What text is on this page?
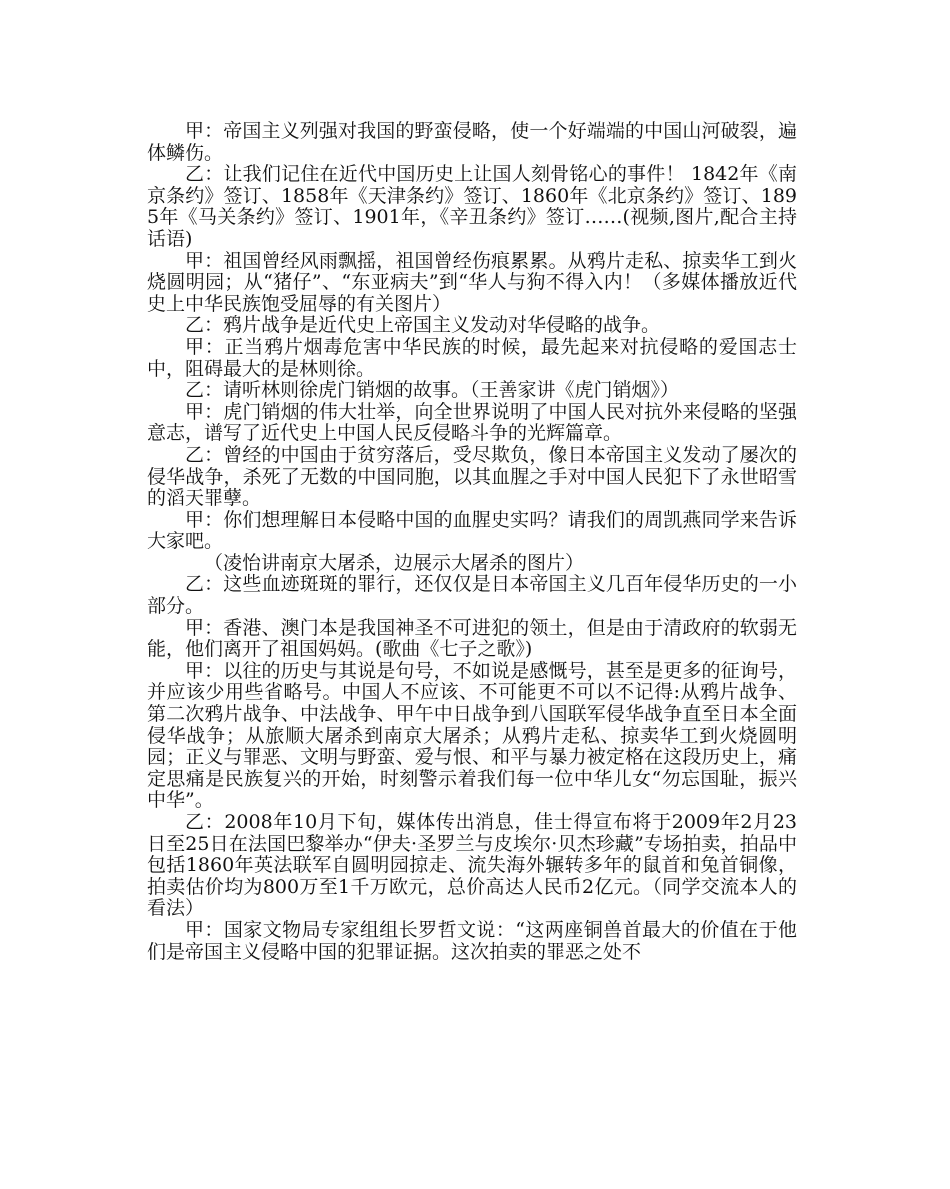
甲：帝国主义列强对我国的野蛮侵略，使一个好端端的中国山河破裂，遍体鳞伤。

乙：让我们记住在近代中国历史上让国人刻骨铭心的事件！ 1842年《南京条约》签订、1858年《天津条约》签订、1860年《北京条约》签订、1895年《马关条约》签订、1901年，《辛丑条约》签订……(视频,图片,配合主持话语)

甲：祖国曾经风雨飘摇，祖国曾经伤痕累累。从鸦片走私、掠卖华工到火烧圆明园；从“猪仔”、“东亚病夫”到“华人与狗不得入内！（多媒体播放近代史上中华民族饱受屈辱的有关图片）

乙：鸦片战争是近代史上帝国主义发动对华侵略的战争。

甲：正当鸦片烟毒危害中华民族的时候，最先起来对抗侵略的爱国志士中，阻碍最大的是林则徐。

乙：请听林则徐虎门销烟的故事。（王善家讲《虎门销烟》）

甲：虎门销烟的伟大壮举，向全世界说明了中国人民对抗外来侵略的坚强意志，谱写了近代史上中国人民反侵略斗争的光辉篇章。

乙：曾经的中国由于贫穷落后，受尽欺负，像日本帝国主义发动了屡次的侵华战争，杀死了无数的中国同胞，以其血腥之手对中国人民犯下了永世昭雪的滔天罪孽。

甲：你们想理解日本侵略中国的血腥史实吗？请我们的周凯燕同学来告诉大家吧。

（凌怡讲南京大屠杀，边展示大屠杀的图片）

乙：这些血迹斑斑的罪行，还仅仅是日本帝国主义几百年侵华历史的一小部分。

甲：香港、澳门本是我国神圣不可进犯的领土，但是由于清政府的软弱无能，他们离开了祖国妈妈。(歌曲《七子之歌》)

甲：以往的历史与其说是句号，不如说是感慨号，甚至是更多的征询号，并应该少用些省略号。中国人不应该、不可能更不可以不记得:从鸦片战争、第二次鸦片战争、中法战争、甲午中日战争到八国联军侵华战争直至日本全面侵华战争；从旅顺大屠杀到南京大屠杀；从鸦片走私、掠卖华工到火烧圆明园；正义与罪恶、文明与野蛮、爱与恨、和平与暴力被定格在这段历史上，痛定思痛是民族复兴的开始，时刻警示着我们每一位中华儿女“勿忘国耻，振兴中华”。

乙：2008年10月下旬，媒体传出消息，佳士得宣布将于2009年2月23日至25日在法国巴黎举办“伊夫·圣罗兰与皮埃尔·贝杰珍藏”专场拍卖，拍品中包括1860年英法联军自圆明园掠走、流失海外辗转多年的鼠首和兔首铜像，拍卖估价均为800万至1千万欧元，总价高达人民币2亿元。（同学交流本人的看法）

甲：国家文物局专家组组长罗哲文说：“这两座铜兽首最大的价值在于他们是帝国主义侵略中国的犯罪证据。这次拍卖的罪恶之处不
